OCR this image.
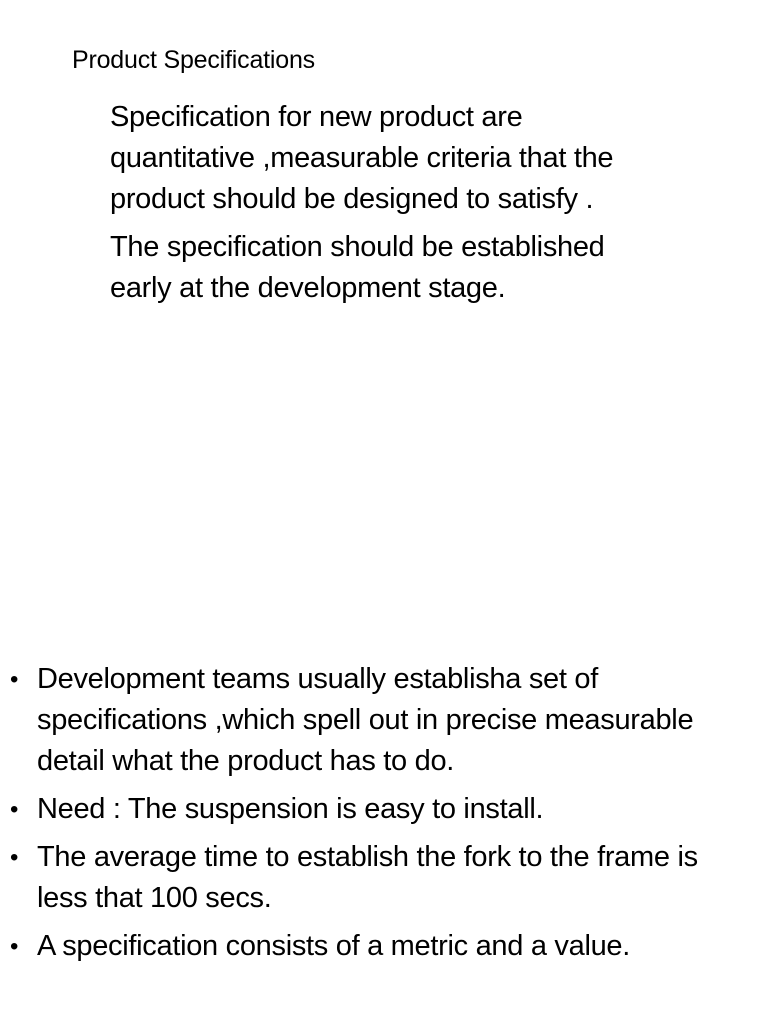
Product Specifications

Specification for new product are quantitative ,measurable criteria that the product should be designed to satisfy .

The specification should be established early at the development stage.

• Development teams usually establisha set of specifications ,which spell out in precise measurable detail what the product has to do.
• Need : The suspension is easy to install.
• The average time to establish the fork to the frame is less that 100 secs.
• A specification consists of a metric and a value.
